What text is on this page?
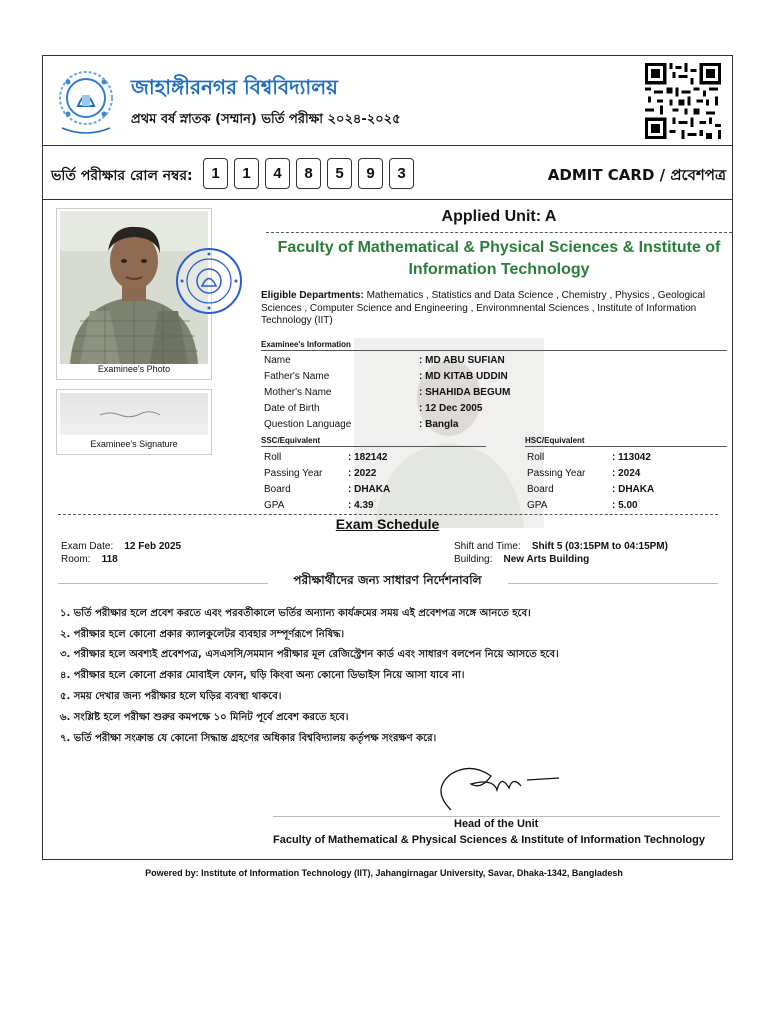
জাহাঙ্গীরনগর বিশ্ববিদ্যালয়
প্রথম বর্ষ স্নাতক (সম্মান) ভর্তি পরীক্ষা ২০২৪-২০২৫
ভর্তি পরীক্ষার রোল নম্বর:	1	1	4	8	5	9	3	ADMIT CARD / প্রবেশপত্র
Examinee's Photo
Examinee's Signature
Applied Unit: A
Faculty of Mathematical & Physical Sciences & Institute of Information Technology
Eligible Departments: Mathematics , Statistics and Data Science , Chemistry , Physics , Geological Sciences , Computer Science and Engineering , Environmnental Sciences , Institute of Information Technology (IIT)
Examinee's Information
Name	: MD ABU SUFIAN
Father's Name	: MD KITAB UDDIN
Mother's Name	: SHAHIDA BEGUM
Date of Birth	: 12 Dec 2005
Question Language	: Bangla
SSC/Equivalent
Roll	: 182142
Passing Year	: 2022
Board	: DHAKA
GPA	: 4.39
HSC/Equivalent
Roll	: 113042
Passing Year	: 2024
Board	: DHAKA
GPA	: 5.00
Exam Schedule
Exam Date: 12 Feb 2025
Room: 118
Shift and Time: Shift 5 (03:15PM to 04:15PM)
Building: New Arts Building
পরীক্ষার্থীদের জন্য সাধারণ নির্দেশনাবলি
১. ভর্তি পরীক্ষার হলে প্রবেশ করতে এবং পরবর্তীকালে ভর্তির অন্যান্য কার্যক্রমের সময় এই প্রবেশপত্র সঙ্গে আনতে হবে।
২. পরীক্ষার হলে কোনো প্রকার ক্যালকুলেটর ব্যবহার সম্পূর্ণরূপে নিষিদ্ধ।
৩. পরীক্ষার হলে অবশ্যই প্রবেশপত্র, এসএসসি/সমমান পরীক্ষার মূল রেজিস্ট্রেশন কার্ড এবং সাধারণ বলপেন নিয়ে আসতে হবে।
৪. পরীক্ষার হলে কোনো প্রকার মোবাইল ফোন, ঘড়ি কিংবা অন্য কোনো ডিভাইস নিয়ে আসা যাবে না।
৫. সময় দেখার জন্য পরীক্ষার হলে ঘড়ির ব্যবস্থা থাকবে।
৬. সংশ্লিষ্ট হলে পরীক্ষা শুরুর কমপক্ষে ১০ মিনিট পূর্বে প্রবেশ করতে হবে।
৭. ভর্তি পরীক্ষা সংক্রান্ত যে কোনো সিদ্ধান্ত গ্রহণের অধিকার বিশ্ববিদ্যালয় কর্তৃপক্ষ সংরক্ষণ করে।
Head of the Unit
Faculty of Mathematical & Physical Sciences & Institute of Information Technology
Powered by: Institute of Information Technology (IIT), Jahangirnagar University, Savar, Dhaka-1342, Bangladesh
